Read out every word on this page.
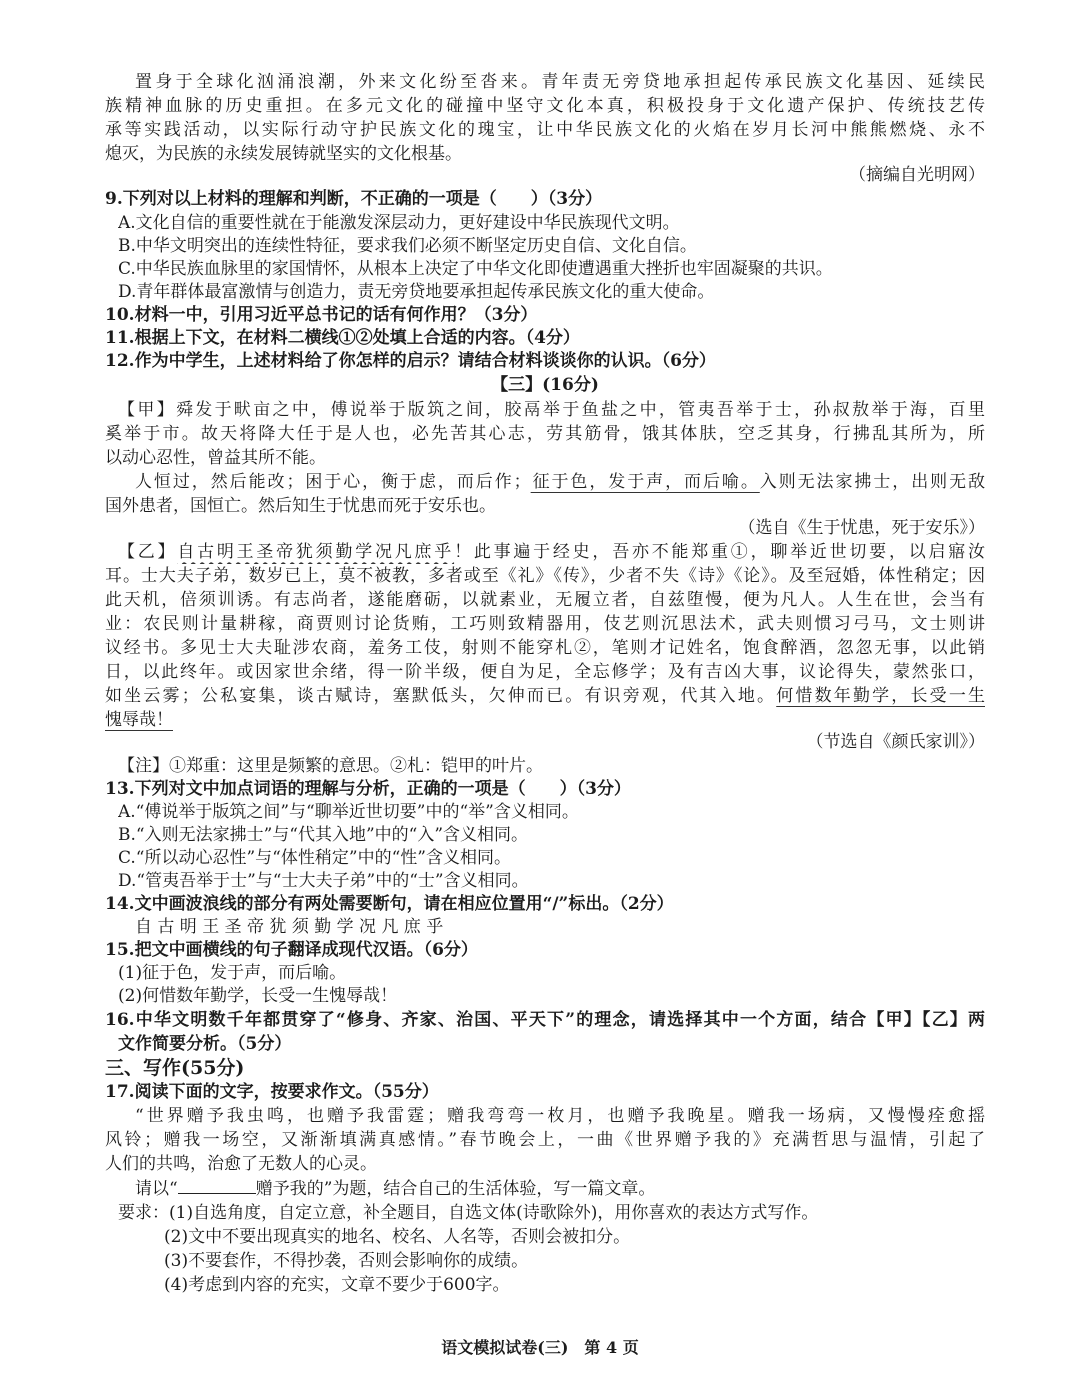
置身于全球化汹涌浪潮，外来文化纷至沓来。青年责无旁贷地承担起传承民族文化基因、延续民
族精神血脉的历史重担。在多元文化的碰撞中坚守文化本真，积极投身于文化遗产保护、传统技艺传
承等实践活动，以实际行动守护民族文化的瑰宝，让中华民族文化的火焰在岁月长河中熊熊燃烧、永不
熄灭，为民族的永续发展铸就坚实的文化根基。
（摘编自光明网）
9.下列对以上材料的理解和判断，不正确的一项是（　　）（3分）
A.文化自信的重要性就在于能激发深层动力，更好建设中华民族现代文明。
B.中华文明突出的连续性特征，要求我们必须不断坚定历史自信、文化自信。
C.中华民族血脉里的家国情怀，从根本上决定了中华文化即使遭遇重大挫折也牢固凝聚的共识。
D.青年群体最富激情与创造力，责无旁贷地要承担起传承民族文化的重大使命。
10.材料一中，引用习近平总书记的话有何作用？（3分）
11.根据上下文，在材料二横线①②处填上合适的内容。（4分）
12.作为中学生，上述材料给了你怎样的启示？请结合材料谈谈你的认识。（6分）
【三】(16分)
【甲】舜发于畎亩之中，傅说举于版筑之间，胶鬲举于鱼盐之中，管夷吾举于士，孙叔敖举于海，百里
奚举于市。故天将降大任于是人也，必先苦其心志，劳其筋骨，饿其体肤，空乏其身，行拂乱其所为，所
以动心忍性，曾益其所不能。
人恒过，然后能改；困于心，衡于虑，而后作；征于色，发于声，而后喻。入则无法家拂士，出则无敌
国外患者，国恒亡。然后知生于忧患而死于安乐也。
（选自《生于忧患，死于安乐》）
【乙】自古明王圣帝犹须勤学况凡庶乎！此事遍于经史，吾亦不能郑重①，聊举近世切要，以启寤汝
耳。士大夫子弟，数岁已上，莫不被教，多者或至《礼》《传》，少者不失《诗》《论》。及至冠婚，体性稍定；因
此天机，倍须训诱。有志尚者，遂能磨砺，以就素业，无履立者，自兹堕慢，便为凡人。人生在世，会当有
业：农民则计量耕稼，商贾则讨论货贿，工巧则致精器用，伎艺则沉思法术，武夫则惯习弓马，文士则讲
议经书。多见士大夫耻涉农商，羞务工伎，射则不能穿札②，笔则才记姓名，饱食醉酒，忽忽无事，以此销
日，以此终年。或因家世余绪，得一阶半级，便自为足，全忘修学；及有吉凶大事，议论得失，蒙然张口，
如坐云雾；公私宴集，谈古赋诗，塞默低头，欠伸而已。有识旁观，代其入地。何惜数年勤学，长受一生
愧辱哉！
（节选自《颜氏家训》）
【注】①郑重：这里是频繁的意思。②札：铠甲的叶片。
13.下列对文中加点词语的理解与分析，正确的一项是（　　）（3分）
A.“傅说举于版筑之间”与“聊举近世切要”中的“举”含义相同。
B.“入则无法家拂士”与“代其入地”中的“入”含义相同。
C.“所以动心忍性”与“体性稍定”中的“性”含义相同。
D.“管夷吾举于士”与“士大夫子弟”中的“士”含义相同。
14.文中画波浪线的部分有两处需要断句，请在相应位置用“/”标出。（2分）
自 古 明 王 圣 帝 犹 须 勤 学 况 凡 庶 乎
15.把文中画横线的句子翻译成现代汉语。（6分）
(1)征于色，发于声，而后喻。
(2)何惜数年勤学，长受一生愧辱哉！
16.中华文明数千年都贯穿了“修身、齐家、治国、平天下”的理念，请选择其中一个方面，结合【甲】【乙】两
文作简要分析。（5分）
三、写作(55分)
17.阅读下面的文字，按要求作文。（55分）
“世界赠予我虫鸣，也赠予我雷霆；赠我弯弯一枚月，也赠予我晚星。赠我一场病，又慢慢痊愈摇
风铃；赠我一场空，又渐渐填满真感情。”春节晚会上，一曲《世界赠予我的》充满哲思与温情，引起了
人们的共鸣，治愈了无数人的心灵。
请以“	赠予我的”为题，结合自己的生活体验，写一篇文章。
要求：(1)自选角度，自定立意，补全题目，自选文体(诗歌除外)，用你喜欢的表达方式写作。
(2)文中不要出现真实的地名、校名、人名等，否则会被扣分。
(3)不要套作，不得抄袭，否则会影响你的成绩。
(4)考虑到内容的充实，文章不要少于600字。
语文模拟试卷(三)　第 4 页
